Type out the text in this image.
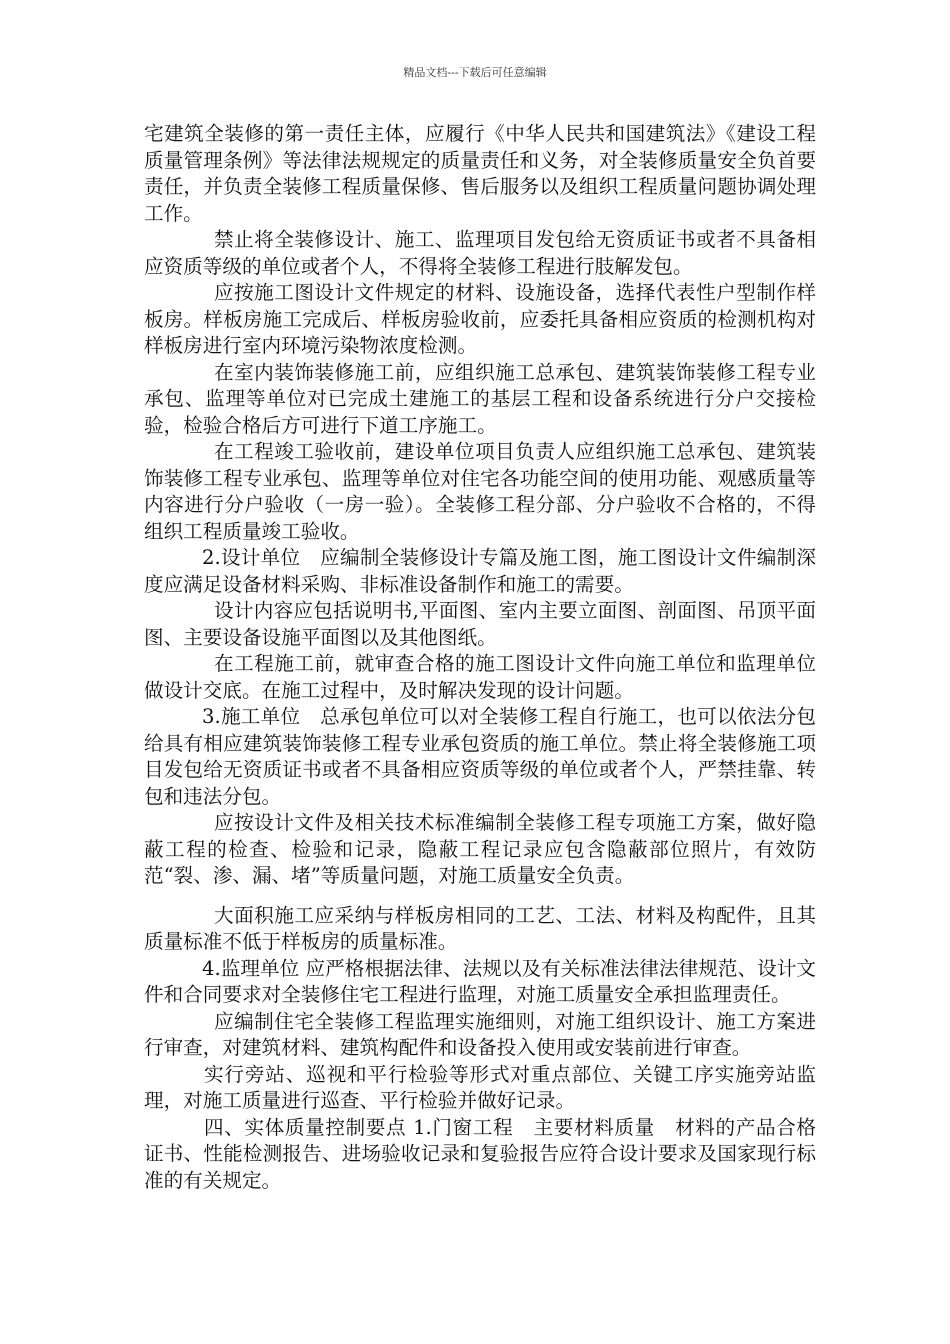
精品文档---下载后可任意编辑

宅建筑全装修的第一责任主体，应履行《中华人民共和国建筑法》《建设工程质量管理条例》等法律法规规定的质量责任和义务，对全装修质量安全负首要责任，并负责全装修工程质量保修、售后服务以及组织工程质量问题协调处理工作。

禁止将全装修设计、施工、监理项目发包给无资质证书或者不具备相应资质等级的单位或者个人，不得将全装修工程进行肢解发包。

应按施工图设计文件规定的材料、设施设备，选择代表性户型制作样板房。样板房施工完成后、样板房验收前，应委托具备相应资质的检测机构对样板房进行室内环境污染物浓度检测。

在室内装饰装修施工前，应组织施工总承包、建筑装饰装修工程专业承包、监理等单位对已完成土建施工的基层工程和设备系统进行分户交接检验，检验合格后方可进行下道工序施工。

在工程竣工验收前，建设单位项目负责人应组织施工总承包、建筑装饰装修工程专业承包、监理等单位对住宅各功能空间的使用功能、观感质量等内容进行分户验收（一房一验）。全装修工程分部、分户验收不合格的，不得组织工程质量竣工验收。

2.设计单位　应编制全装修设计专篇及施工图，施工图设计文件编制深度应满足设备材料采购、非标准设备制作和施工的需要。

设计内容应包括说明书,平面图、室内主要立面图、剖面图、吊顶平面图、主要设备设施平面图以及其他图纸。

在工程施工前，就审查合格的施工图设计文件向施工单位和监理单位做设计交底。在施工过程中，及时解决发现的设计问题。

3.施工单位　总承包单位可以对全装修工程自行施工，也可以依法分包给具有相应建筑装饰装修工程专业承包资质的施工单位。禁止将全装修施工项目发包给无资质证书或者不具备相应资质等级的单位或者个人，严禁挂靠、转包和违法分包。

应按设计文件及相关技术标准编制全装修工程专项施工方案，做好隐蔽工程的检查、检验和记录，隐蔽工程记录应包含隐蔽部位照片，有效防范“裂、渗、漏、堵”等质量问题，对施工质量安全负责。

大面积施工应采纳与样板房相同的工艺、工法、材料及构配件，且其质量标准不低于样板房的质量标准。

4.监理单位 应严格根据法律、法规以及有关标准法律法律规范、设计文件和合同要求对全装修住宅工程进行监理，对施工质量安全承担监理责任。

应编制住宅全装修工程监理实施细则，对施工组织设计、施工方案进行审查，对建筑材料、建筑构配件和设备投入使用或安装前进行审查。

实行旁站、巡视和平行检验等形式对重点部位、关键工序实施旁站监理，对施工质量进行巡查、平行检验并做好记录。

四、实体质量控制要点 1.门窗工程　主要材料质量　材料的产品合格证书、性能检测报告、进场验收记录和复验报告应符合设计要求及国家现行标准的有关规定。
